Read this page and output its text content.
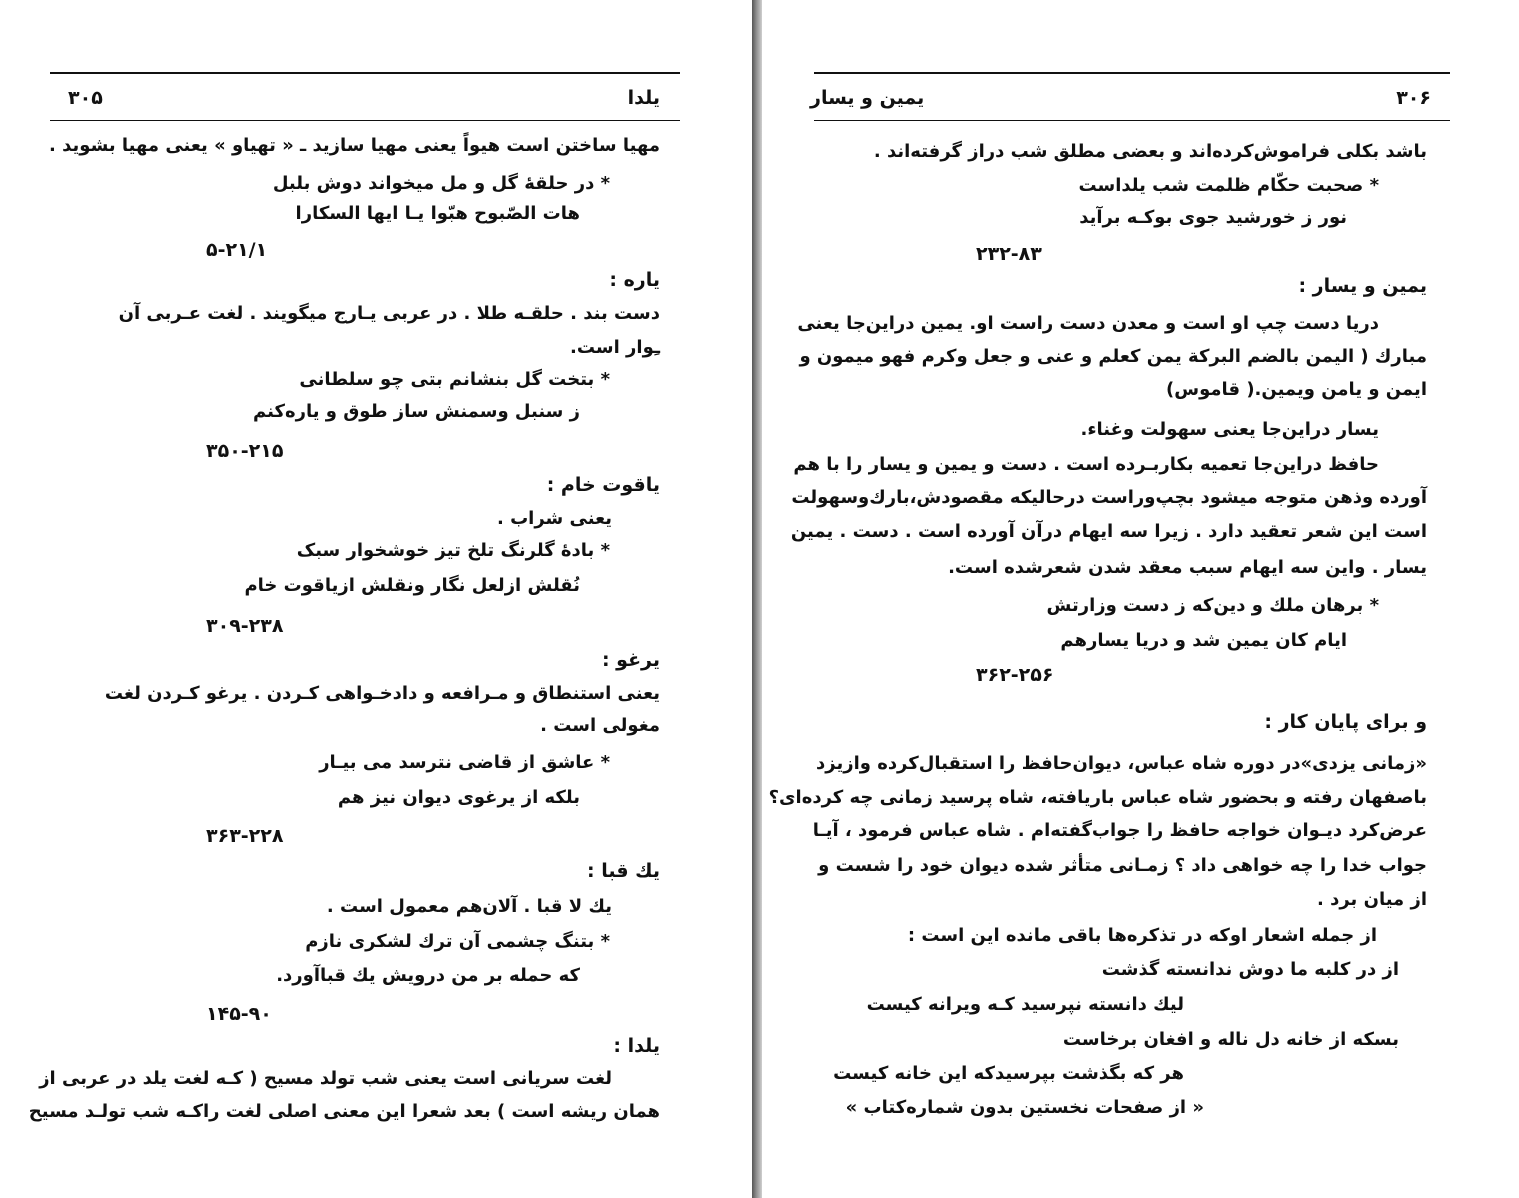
یلدا
۳۰۵
مهیا ساختن است هیواً یعنی مهیا سازید ـ « تهیاو » یعنی مهیا بشوید .
* در حلقهٔ گل و مل میخواند دوش بلبل
هات الصّبوح هبّوا یـا ایها السکارا
۵-۲۱/۱
یاره :
دست بند . حلقـه طلا . در عربی یـارج میگویند . لغت عـربی آن
ـِوار است.
* بتخت گل بنشانم بتی چو سلطانی
ز سنبل وسمنش ساز طوق و یاره‌کنم
۳۵۰-۲۱۵
یاقوت خام :
یعنی شراب .
* بادهٔ گلرنگ تلخ تیز خوشخوار سبک
نُقلش ازلعل نگار ونقلش ازیاقوت خام
۳۰۹-۲۳۸
یرغو :
یعنی استنطاق و مـرافعه و دادخـواهی کـردن . یرغو کـردن لغت
مغولی است .
* عاشق از قاضی نترسد می بیـار
بلکه از یرغوی دیوان نیز هم
۳۶۳-۲۲۸
یك قبا :
یك لا قبا . آلان‌هم معمول است .
* بتنگ چشمی آن ترك لشکری نازم
که حمله بر من درویش یك قباآورد.
۱۴۵-۹۰
یلدا :
لغت سریانی است یعنی شب تولد مسیح ( کـه لغت یلد در عربی از
همان ریشه است ) بعد شعرا این معنی اصلی لغت راکـه شب تولـد مسیح
۳۰۶
یمین و یسار
باشد بکلی فراموش‌کرده‌اند و بعضی مطلق شب دراز گرفته‌اند .
* صحبت حکّام ظلمت شب یلداست
نور ز خورشید جوی بوکـه برآید
۲۳۲-۸۳
یمین و یسار :
دریا دست چپ او است و معدن دست راست او. یمین دراین‌جا یعنی
مبارك ( الیمن بالضم البرکة یمن کعلم و عنی و جعل وکرم فهو میمون و
ایمن و یامن ویمین.( قاموس)
یسار دراین‌جا یعنی سهولت وغناء.
حافظ دراین‌جا تعمیه بکاربـرده است . دست و یمین و یسار را با هم
آورده وذهن متوجه میشود بچپ‌وراست درحالیکه مقصودش،بارك‌وسهولت
است این شعر تعقید دارد . زیرا سه ایهام درآن آورده است . دست . یمین
یسار . واین سه ایهام سبب معقد شدن شعرشده است.
* برهان ملك و دین‌که ز دست وزارتش
ایام کان یمین شد و دریا یسارهم
۳۶۲-۲۵۶
و برای پایان کار :
«زمانی یزدی»در دوره شاه عباس، دیوان‌حافظ را استقبال‌کرده وازیزد
باصفهان رفته و بحضور شاه عباس باریافته، شاه پرسید زمانی چه کرده‌ای؟
عرض‌کرد دیـوان خواجه حافظ را جواب‌گفته‌ام . شاه عباس فرمود ، آیـا
جواب خدا را چه خواهی داد ؟ زمـانی متأثر شده دیوان خود را شست و
از میان برد .
از جمله اشعار اوکه در تذکره‌ها باقی مانده این است :
از در کلبه ما دوش ندانسته گذشت
لیك دانسته نپرسید کـه ویرانه کیست
بسکه از خانه دل ناله و افغان برخاست
هر که بگذشت بپرسیدکه این خانه کیست
« از صفحات نخستین بدون شماره‌کتاب »
